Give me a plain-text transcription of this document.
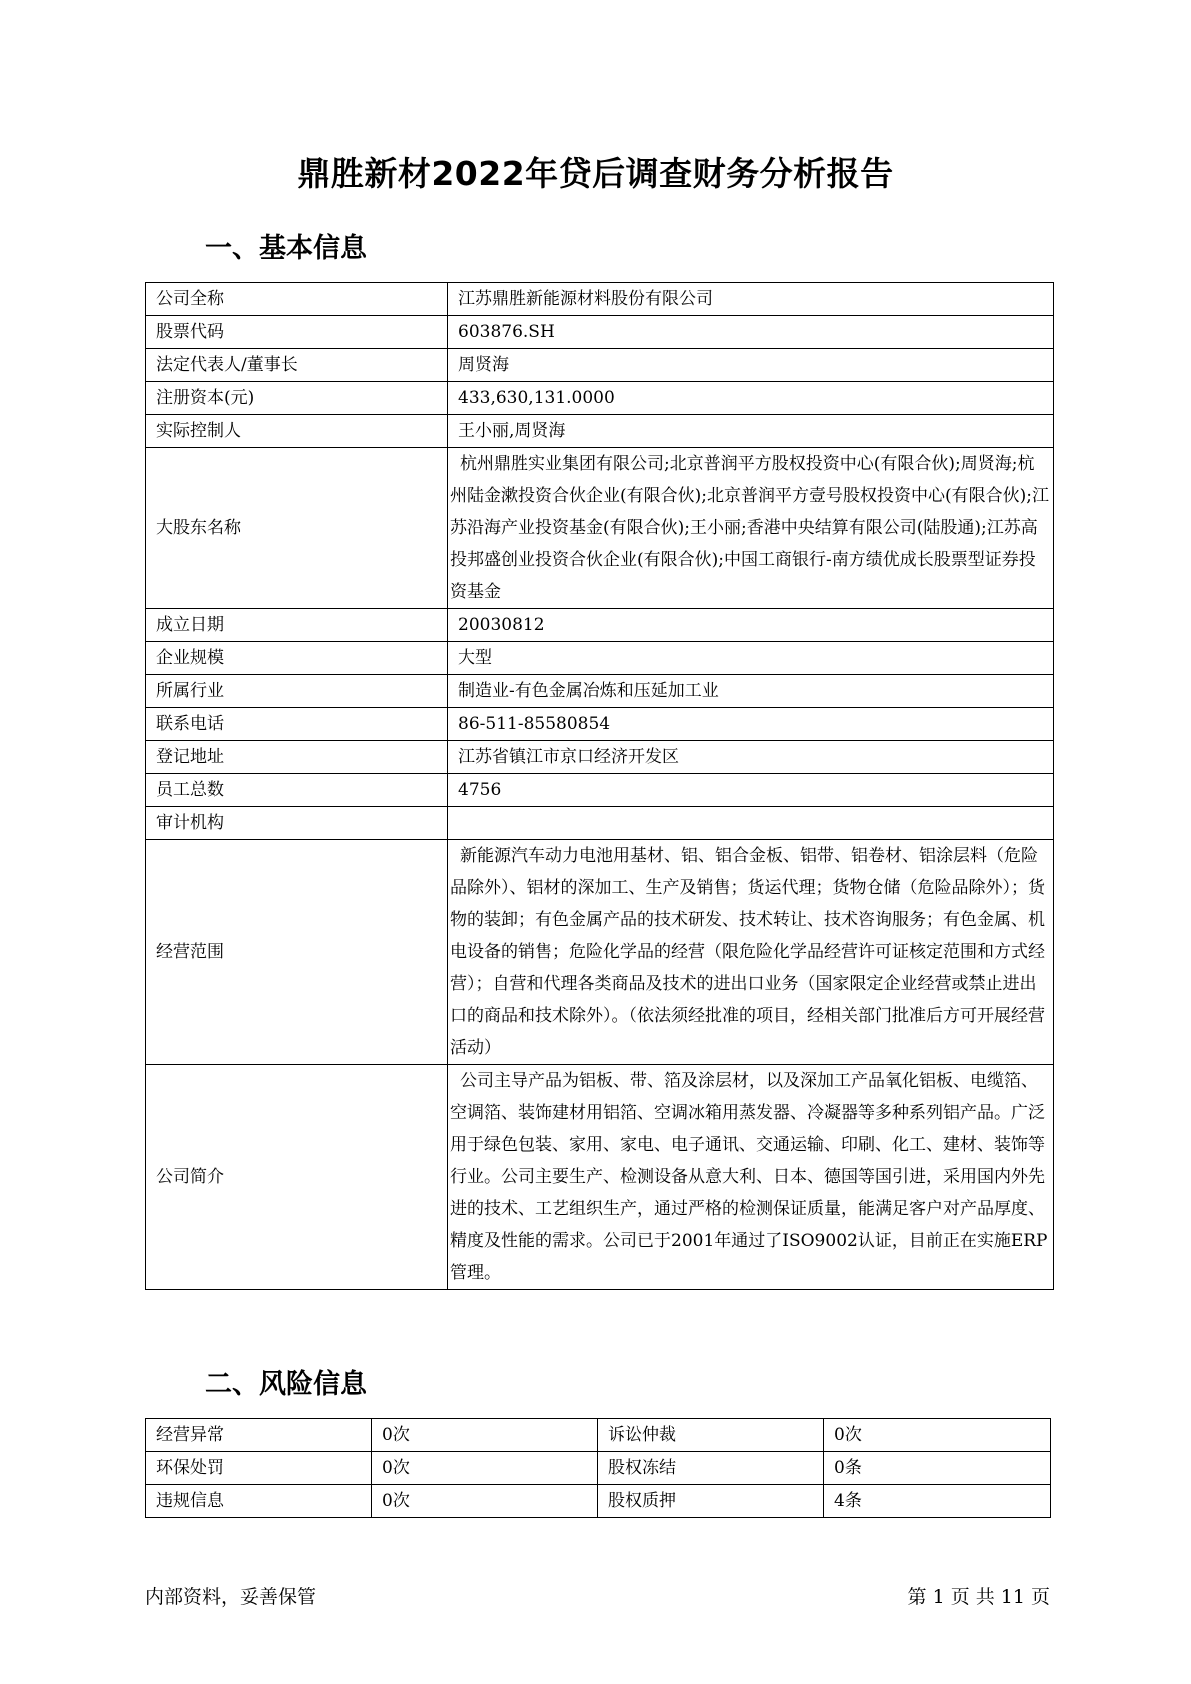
鼎胜新材2022年贷后调查财务分析报告
一、基本信息
公司全称	江苏鼎胜新能源材料股份有限公司
股票代码	603876.SH
法定代表人/董事长	周贤海
注册资本(元)	433,630,131.0000
实际控制人	王小丽,周贤海
大股东名称	杭州鼎胜实业集团有限公司;北京普润平方股权投资中心(有限合伙);周贤海;杭州陆金漱投资合伙企业(有限合伙);北京普润平方壹号股权投资中心(有限合伙);江苏沿海产业投资基金(有限合伙);王小丽;香港中央结算有限公司(陆股通);江苏高投邦盛创业投资合伙企业(有限合伙);中国工商银行-南方绩优成长股票型证券投资基金
成立日期	20030812
企业规模	大型
所属行业	制造业-有色金属冶炼和压延加工业
联系电话	86-511-85580854
登记地址	江苏省镇江市京口经济开发区
员工总数	4756
审计机构	
经营范围	新能源汽车动力电池用基材、铝、铝合金板、铝带、铝卷材、铝涂层料（危险品除外）、铝材的深加工、生产及销售；货运代理；货物仓储（危险品除外）；货物的装卸；有色金属产品的技术研发、技术转让、技术咨询服务；有色金属、机电设备的销售；危险化学品的经营（限危险化学品经营许可证核定范围和方式经营）；自营和代理各类商品及技术的进出口业务（国家限定企业经营或禁止进出口的商品和技术除外）。（依法须经批准的项目，经相关部门批准后方可开展经营活动）
公司简介	公司主导产品为铝板、带、箔及涂层材，以及深加工产品氧化铝板、电缆箔、空调箔、装饰建材用铝箔、空调冰箱用蒸发器、冷凝器等多种系列铝产品。广泛用于绿色包装、家用、家电、电子通讯、交通运输、印刷、化工、建材、装饰等行业。公司主要生产、检测设备从意大利、日本、德国等国引进，采用国内外先进的技术、工艺组织生产，通过严格的检测保证质量，能满足客户对产品厚度、精度及性能的需求。公司已于2001年通过了ISO9002认证，目前正在实施ERP管理。
二、风险信息
经营异常	0次	诉讼仲裁	0次
环保处罚	0次	股权冻结	0条
违规信息	0次	股权质押	4条
内部资料，妥善保管	第 1 页 共 11 页
